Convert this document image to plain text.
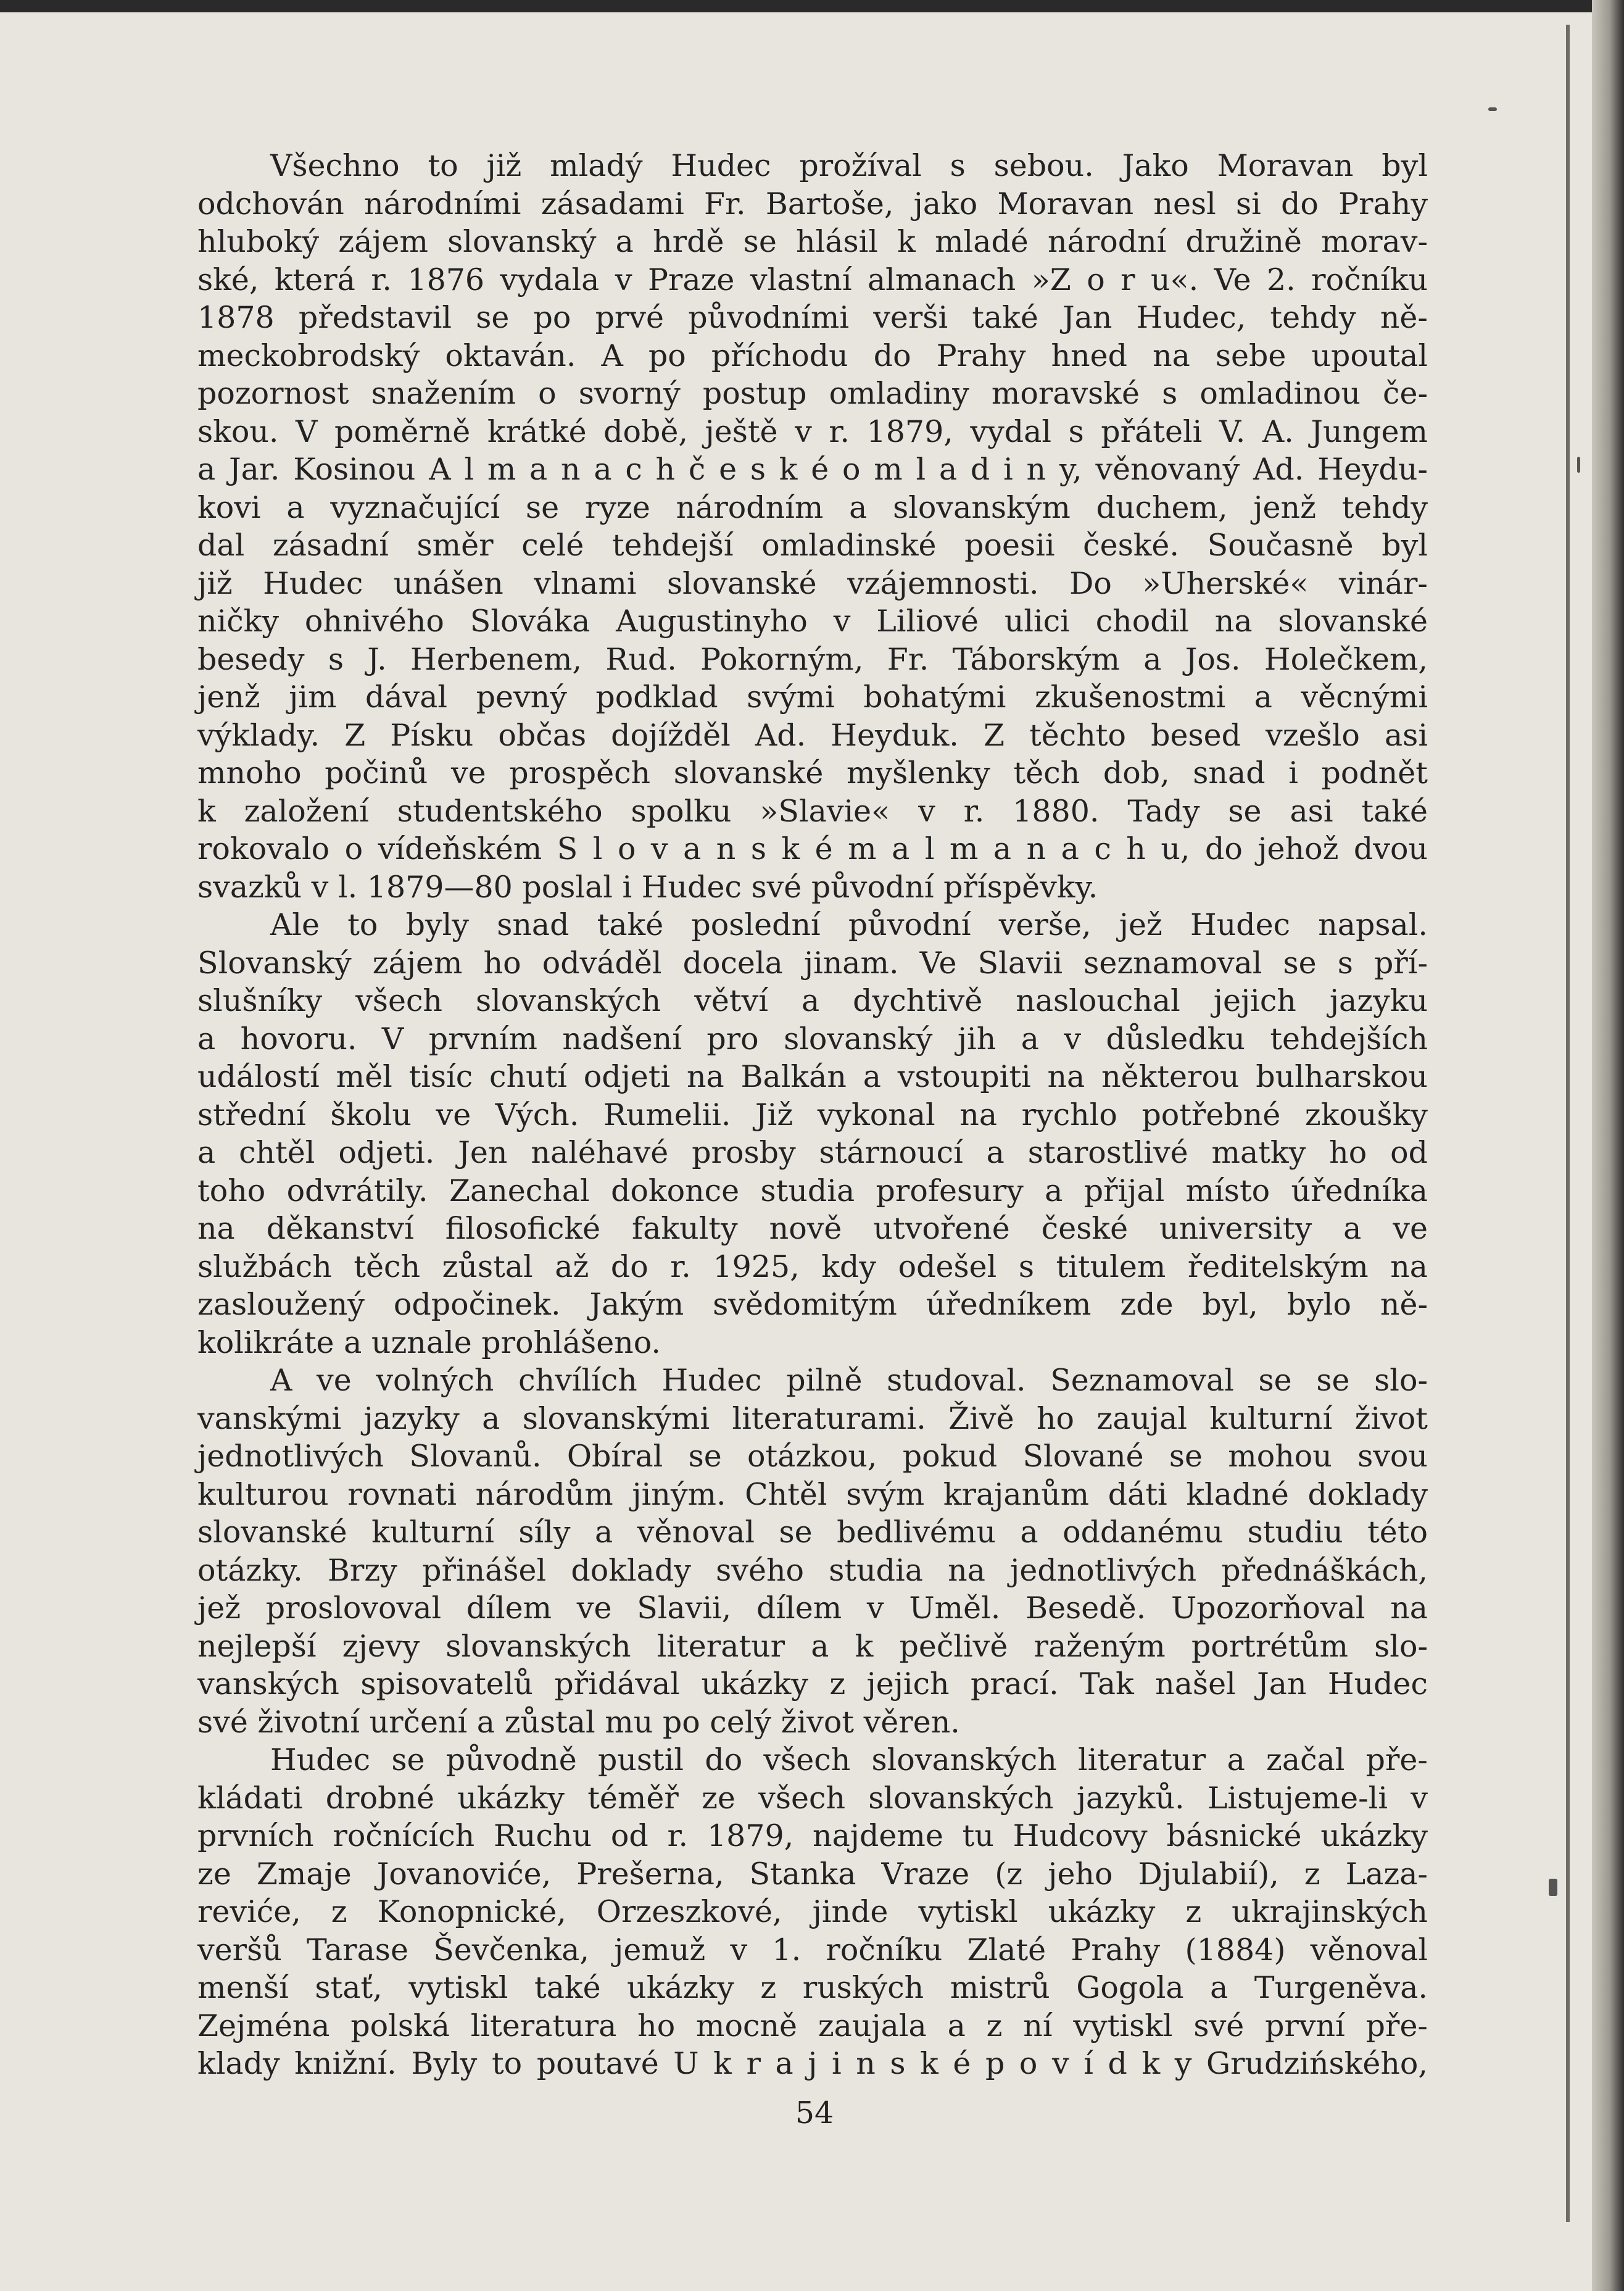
Všechno to již mladý Hudec prožíval s sebou. Jako Moravan byl
odchován národními zásadami Fr. Bartoše, jako Moravan nesl si do Prahy
hluboký zájem slovanský a hrdě se hlásil k mladé národní družině morav-
ské, která r. 1876 vydala v Praze vlastní almanach »Z o r u«. Ve 2. ročníku
1878 představil se po prvé původními verši také Jan Hudec, tehdy ně-
meckobrodský oktaván. A po příchodu do Prahy hned na sebe upoutal
pozornost snažením o svorný postup omladiny moravské s omladinou če-
skou. V poměrně krátké době, ještě v r. 1879, vydal s přáteli V. A. Jungem
a Jar. Kosinou A l m a n a c h č e s k é o m l a d i n y, věnovaný Ad. Heydu-
kovi a vyznačující se ryze národním a slovanským duchem, jenž tehdy
dal zásadní směr celé tehdejší omladinské poesii české. Současně byl
již Hudec unášen vlnami slovanské vzájemnosti. Do »Uherské« vinár-
ničky ohnivého Slováka Augustinyho v Liliové ulici chodil na slovanské
besedy s J. Herbenem, Rud. Pokorným, Fr. Táborským a Jos. Holečkem,
jenž jim dával pevný podklad svými bohatými zkušenostmi a věcnými
výklady. Z Písku občas dojížděl Ad. Heyduk. Z těchto besed vzešlo asi
mnoho počinů ve prospěch slovanské myšlenky těch dob, snad i podnět
k založení studentského spolku »Slavie« v r. 1880. Tady se asi také
rokovalo o vídeňském S l o v a n s k é m a l m a n a c h u, do jehož dvou
svazků v l. 1879—80 poslal i Hudec své původní příspěvky.
Ale to byly snad také poslední původní verše, jež Hudec napsal.
Slovanský zájem ho odváděl docela jinam. Ve Slavii seznamoval se s pří-
slušníky všech slovanských větví a dychtivě naslouchal jejich jazyku
a hovoru. V prvním nadšení pro slovanský jih a v důsledku tehdejších
událostí měl tisíc chutí odjeti na Balkán a vstoupiti na některou bulharskou
střední školu ve Vých. Rumelii. Již vykonal na rychlo potřebné zkoušky
a chtěl odjeti. Jen naléhavé prosby stárnoucí a starostlivé matky ho od
toho odvrátily. Zanechal dokonce studia profesury a přijal místo úředníka
na děkanství filosofické fakulty nově utvořené české university a ve
službách těch zůstal až do r. 1925, kdy odešel s titulem ředitelským na
zasloužený odpočinek. Jakým svědomitým úředníkem zde byl, bylo ně-
kolikráte a uznale prohlášeno.
A ve volných chvílích Hudec pilně studoval. Seznamoval se se slo-
vanskými jazyky a slovanskými literaturami. Živě ho zaujal kulturní život
jednotlivých Slovanů. Obíral se otázkou, pokud Slované se mohou svou
kulturou rovnati národům jiným. Chtěl svým krajanům dáti kladné doklady
slovanské kulturní síly a věnoval se bedlivému a oddanému studiu této
otázky. Brzy přinášel doklady svého studia na jednotlivých přednáškách,
jež proslovoval dílem ve Slavii, dílem v Uměl. Besedě. Upozorňoval na
nejlepší zjevy slovanských literatur a k pečlivě raženým portrétům slo-
vanských spisovatelů přidával ukázky z jejich prací. Tak našel Jan Hudec
své životní určení a zůstal mu po celý život věren.
Hudec se původně pustil do všech slovanských literatur a začal pře-
kládati drobné ukázky téměř ze všech slovanských jazyků. Listujeme-li v
prvních ročnících Ruchu od r. 1879, najdeme tu Hudcovy básnické ukázky
ze Zmaje Jovanoviće, Prešerna, Stanka Vraze (z jeho Djulabií), z Laza-
reviće, z Konopnické, Orzeszkové, jinde vytiskl ukázky z ukrajinských
veršů Tarase Ševčenka, jemuž v 1. ročníku Zlaté Prahy (1884) věnoval
menší stať, vytiskl také ukázky z ruských mistrů Gogola a Turgeněva.
Zejména polská literatura ho mocně zaujala a z ní vytiskl své první pře-
klady knižní. Byly to poutavé U k r a j i n s k é p o v í d k y Grudzińského,
54
